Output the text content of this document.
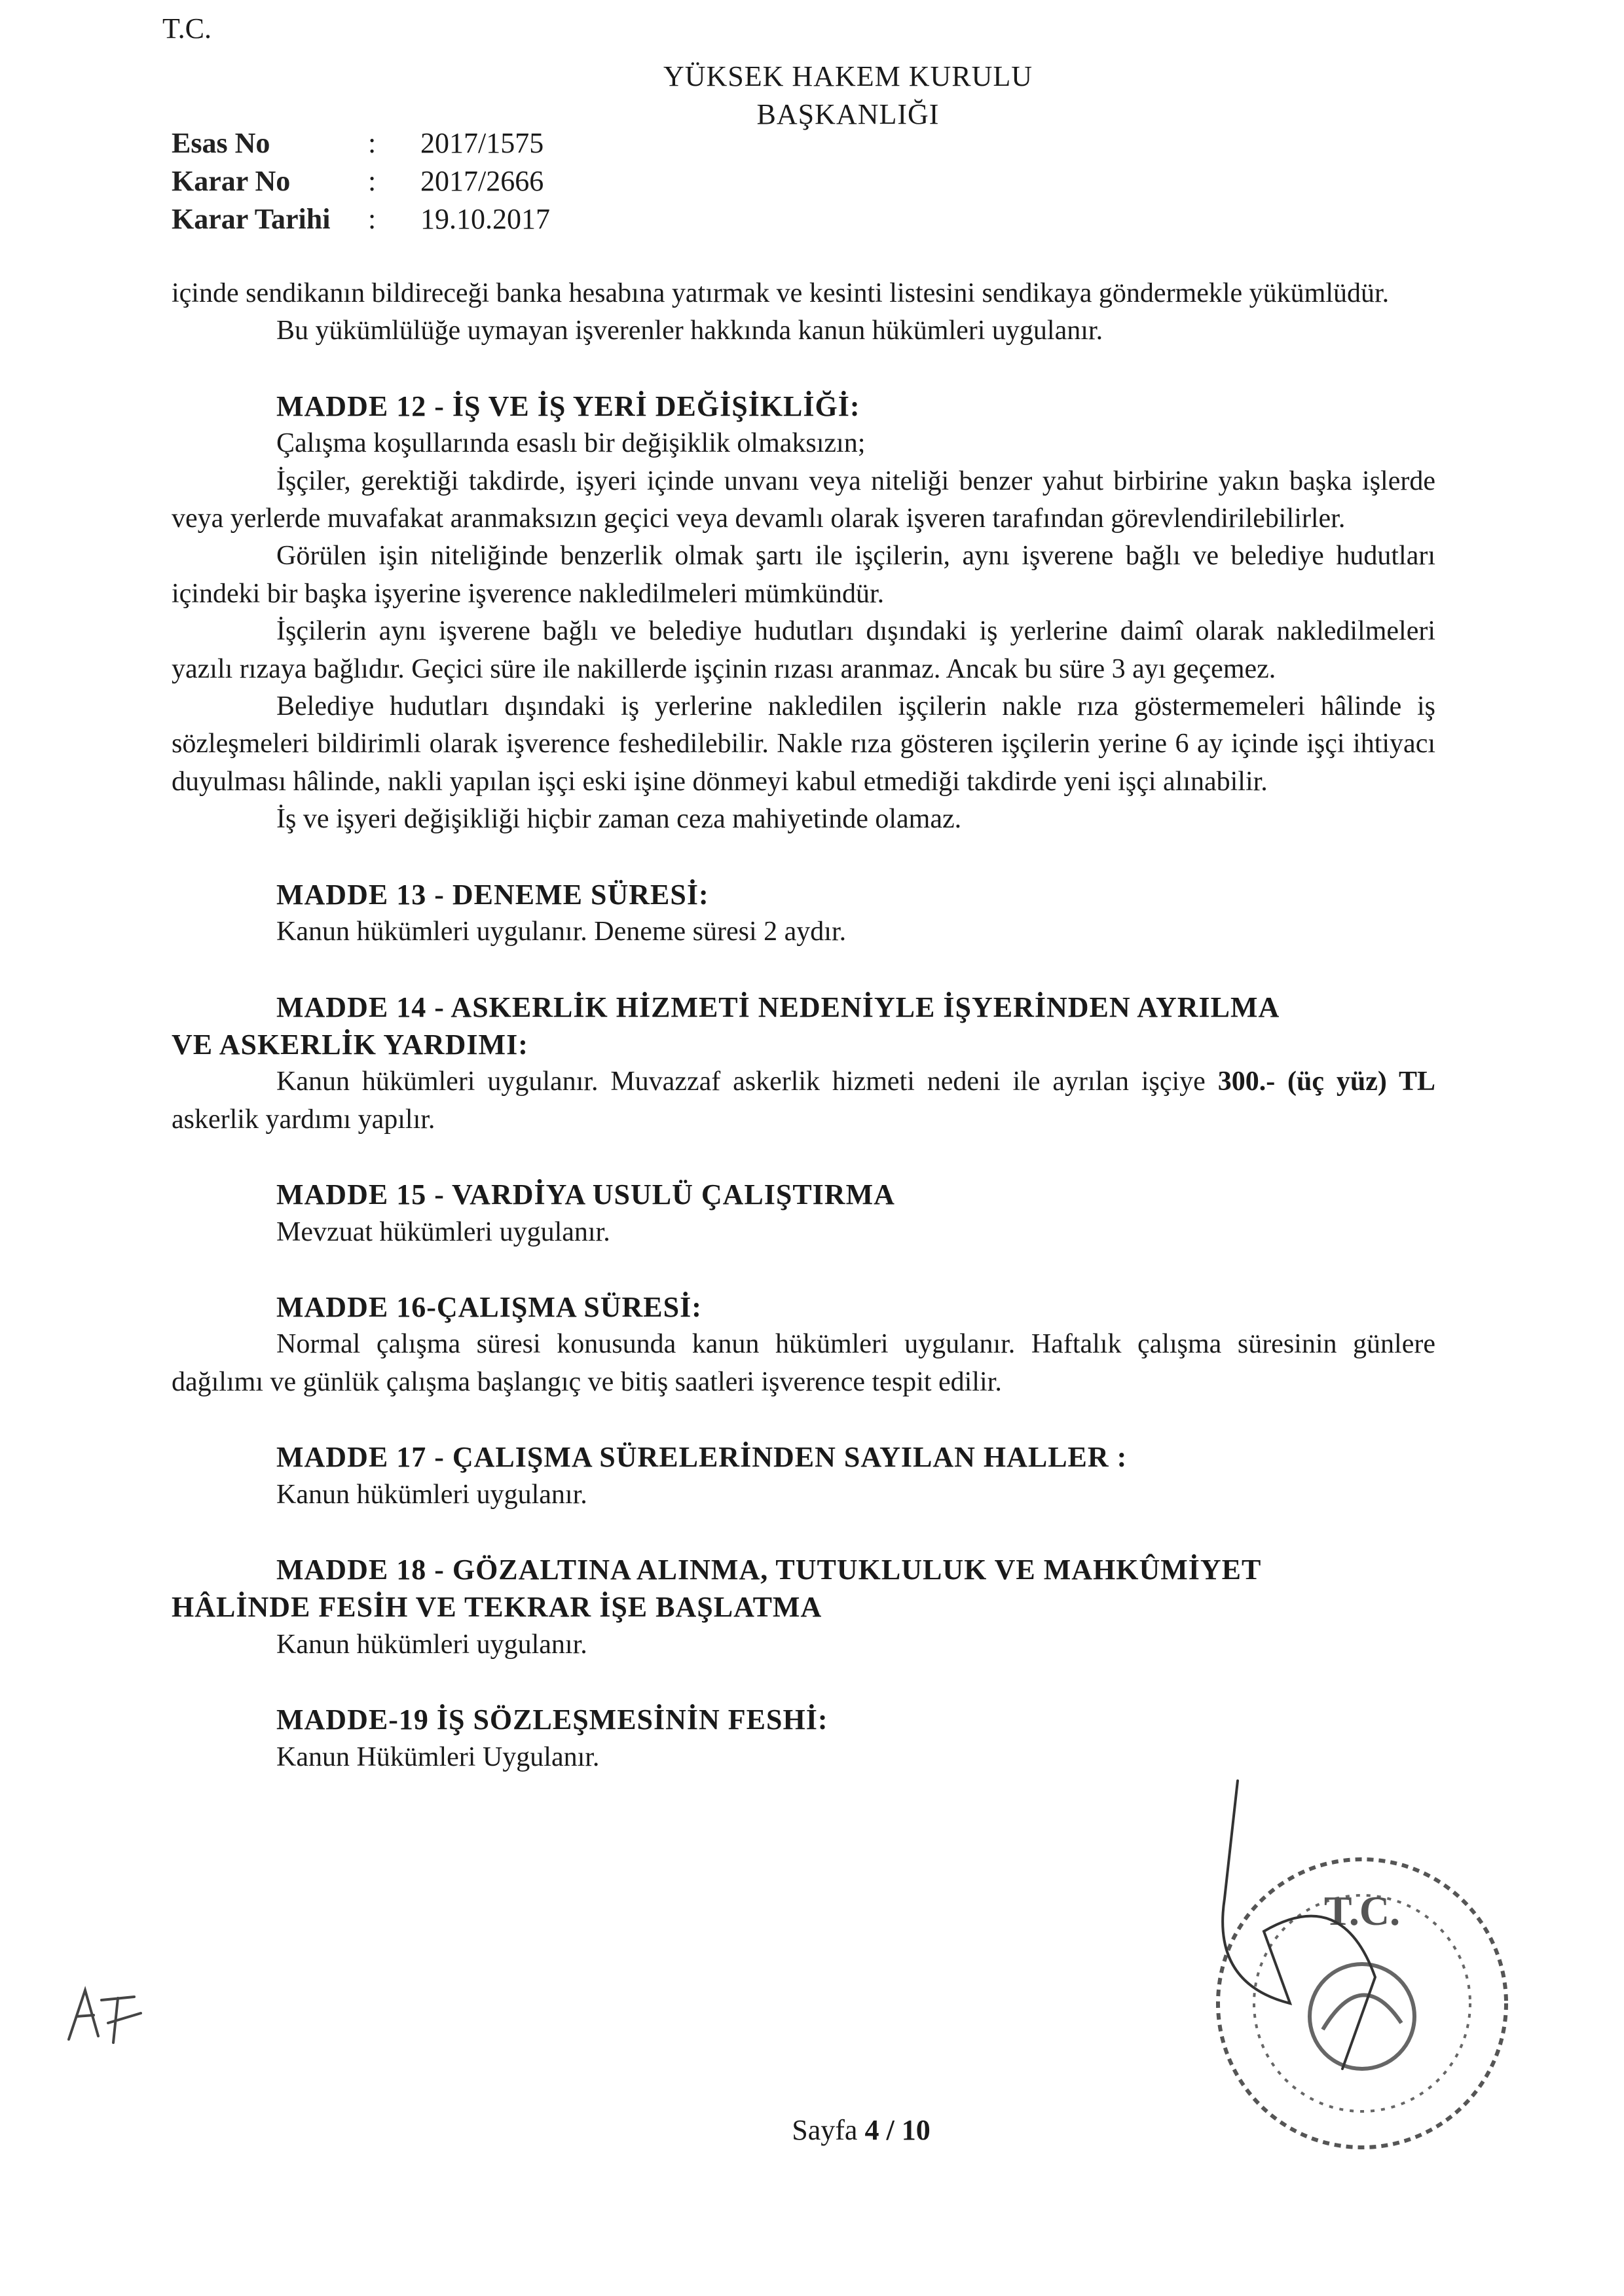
T.C.
YÜKSEK HAKEM KURULU
BAŞKANLIĞI
Esas No	: 2017/1575
Karar No	: 2017/2666
Karar Tarihi : 19.10.2017

içinde sendikanın bildireceği banka hesabına yatırmak ve kesinti listesini sendikaya göndermekle yükümlüdür.

Bu yükümlülüğe uymayan işverenler hakkında kanun hükümleri uygulanır.

MADDE 12 - İŞ VE İŞ YERİ DEĞİŞİKLİĞİ:

Çalışma koşullarında esaslı bir değişiklik olmaksızın;

İşçiler, gerektiği takdirde, işyeri içinde unvanı veya niteliği benzer yahut birbirine yakın başka işlerde veya yerlerde muvafakat aranmaksızın geçici veya devamlı olarak işveren tarafından görevlendirilebilirler.

Görülen işin niteliğinde benzerlik olmak şartı ile işçilerin, aynı işverene bağlı ve belediye hudutları içindeki bir başka işyerine işverence nakledilmeleri mümkündür.

İşçilerin aynı işverene bağlı ve belediye hudutları dışındaki iş yerlerine daimî olarak nakledilmeleri yazılı rızaya bağlıdır. Geçici süre ile nakillerde işçinin rızası aranmaz. Ancak bu süre 3 ayı geçemez.

Belediye hudutları dışındaki iş yerlerine nakledilen işçilerin nakle rıza göstermemeleri hâlinde iş sözleşmeleri bildirimli olarak işverence feshedilebilir. Nakle rıza gösteren işçilerin yerine 6 ay içinde işçi ihtiyacı duyulması hâlinde, nakli yapılan işçi eski işine dönmeyi kabul etmediği takdirde yeni işçi alınabilir.

İş ve işyeri değişikliği hiçbir zaman ceza mahiyetinde olamaz.

MADDE 13 - DENEME SÜRESİ:

Kanun hükümleri uygulanır. Deneme süresi 2 aydır.

MADDE 14 - ASKERLİK HİZMETİ NEDENİYLE İŞYERİNDEN AYRILMA
VE ASKERLİK YARDIMI:

Kanun hükümleri uygulanır. Muvazzaf askerlik hizmeti nedeni ile ayrılan işçiye 300.- (üç yüz) TL askerlik yardımı yapılır.

MADDE 15 - VARDİYA USULÜ ÇALIŞTIRMA

Mevzuat hükümleri uygulanır.

MADDE 16-ÇALIŞMA SÜRESİ:

Normal çalışma süresi konusunda kanun hükümleri uygulanır. Haftalık çalışma süresinin günlere dağılımı ve günlük çalışma başlangıç ve bitiş saatleri işverence tespit edilir.

MADDE 17 - ÇALIŞMA SÜRELERİNDEN SAYILAN HALLER :

Kanun hükümleri uygulanır.

MADDE 18 - GÖZALTINA ALINMA, TUTUKLULUK VE MAHKÛMİYET
HÂLİNDE FESİH VE TEKRAR İŞE BAŞLATMA

Kanun hükümleri uygulanır.

MADDE-19 İŞ SÖZLEŞMESİNİN FESHİ:

Kanun Hükümleri Uygulanır.

T.C.
Sayfa 4 / 10
